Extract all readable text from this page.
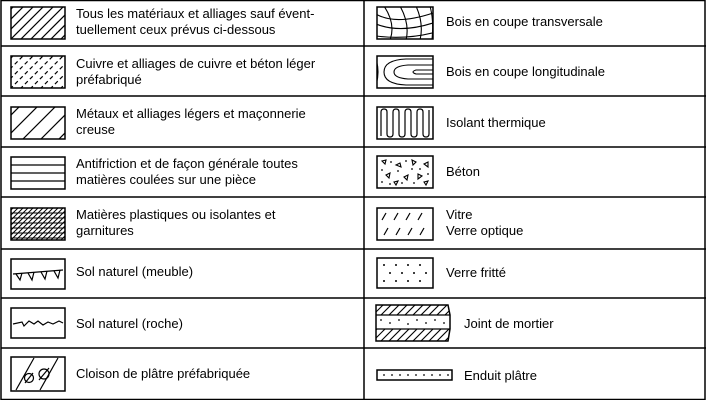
Tous les matériaux et alliages sauf évent-
tuellement ceux prévus ci-dessous
Cuivre et alliages de cuivre et béton léger
préfabriqué
Métaux et alliages légers et maçonnerie
creuse
Antifriction et de façon générale toutes
matières coulées sur une pièce
Matières plastiques ou isolantes et
garnitures
Sol naturel (meuble)
Sol naturel (roche)
Cloison de plâtre préfabriquée
Bois en coupe transversale
Bois en coupe longitudinale
Isolant thermique
Béton
Vitre
Verre optique
Verre fritté
Joint de mortier
Enduit plâtre
